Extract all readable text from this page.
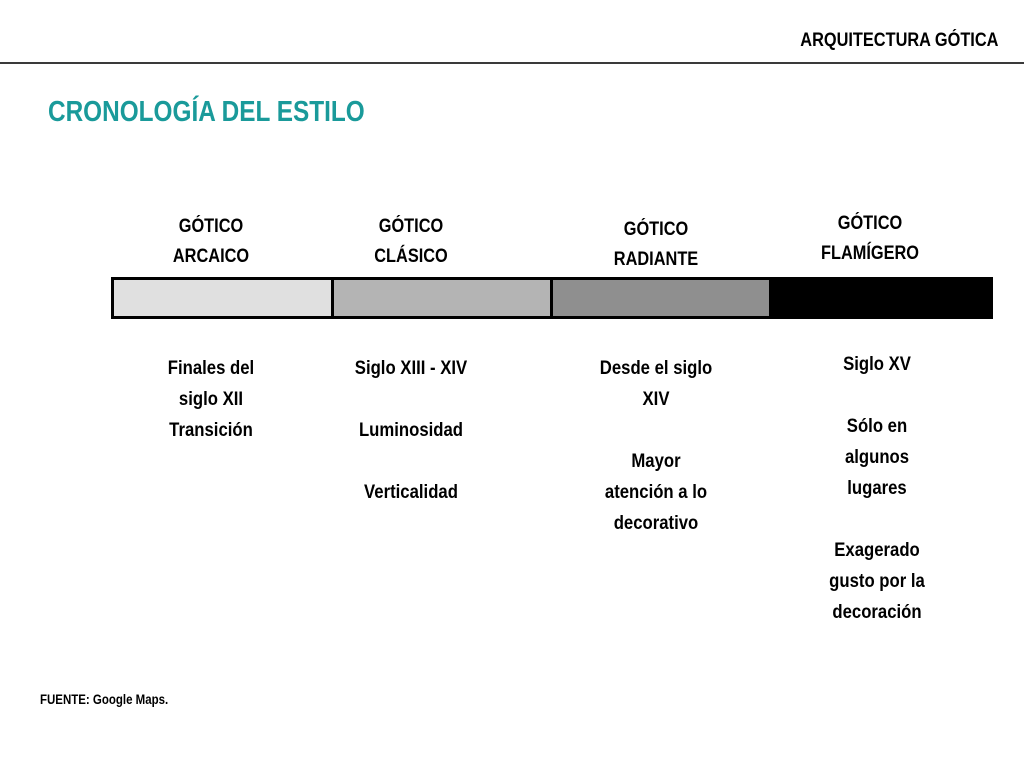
ARQUITECTURA GÓTICA
CRONOLOGÍA DEL ESTILO
GÓTICO
ARCAICO
GÓTICO
CLÁSICO
GÓTICO
RADIANTE
GÓTICO
FLAMÍGERO
Finales del
siglo XII
Transición
Siglo XIII - XIV
Luminosidad
Verticalidad
Desde el siglo
XIV
Mayor
atención a lo
decorativo
Siglo XV
Sólo en
algunos
lugares
Exagerado
gusto por la
decoración
FUENTE: Google Maps.
